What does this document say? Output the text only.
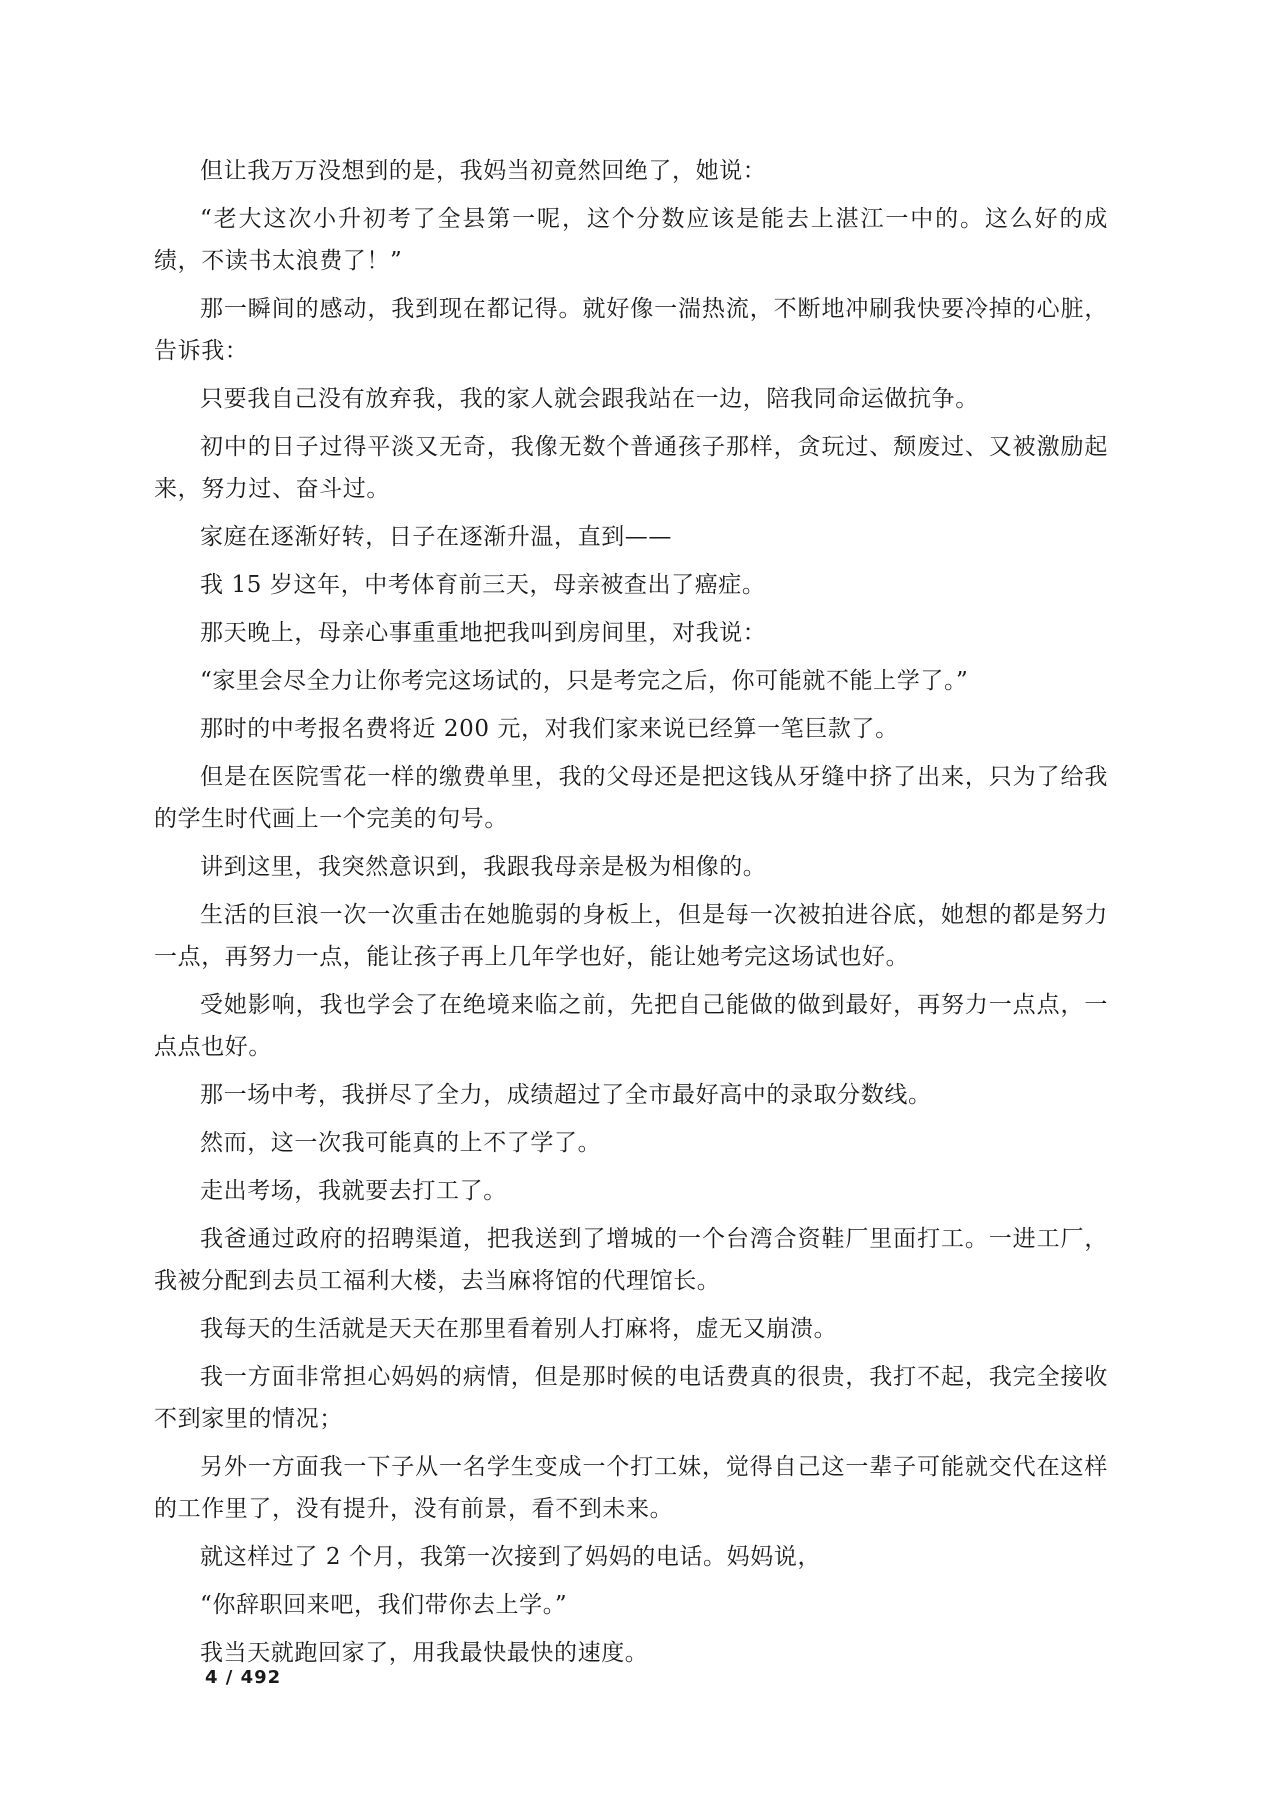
但让我万万没想到的是，我妈当初竟然回绝了，她说：

“老大这次小升初考了全县第一呢，这个分数应该是能去上湛江一中的。这么好的成绩，不读书太浪费了！”

那一瞬间的感动，我到现在都记得。就好像一湍热流，不断地冲刷我快要冷掉的心脏，告诉我：

只要我自己没有放弃我，我的家人就会跟我站在一边，陪我同命运做抗争。

初中的日子过得平淡又无奇，我像无数个普通孩子那样，贪玩过、颓废过、又被激励起来，努力过、奋斗过。

家庭在逐渐好转，日子在逐渐升温，直到——

我 15 岁这年，中考体育前三天，母亲被查出了癌症。

那天晚上，母亲心事重重地把我叫到房间里，对我说：

“家里会尽全力让你考完这场试的，只是考完之后，你可能就不能上学了。”

那时的中考报名费将近 200 元，对我们家来说已经算一笔巨款了。

但是在医院雪花一样的缴费单里，我的父母还是把这钱从牙缝中挤了出来，只为了给我的学生时代画上一个完美的句号。

讲到这里，我突然意识到，我跟我母亲是极为相像的。

生活的巨浪一次一次重击在她脆弱的身板上，但是每一次被拍进谷底，她想的都是努力一点，再努力一点，能让孩子再上几年学也好，能让她考完这场试也好。

受她影响，我也学会了在绝境来临之前，先把自己能做的做到最好，再努力一点点，一点点也好。

那一场中考，我拼尽了全力，成绩超过了全市最好高中的录取分数线。

然而，这一次我可能真的上不了学了。

走出考场，我就要去打工了。

我爸通过政府的招聘渠道，把我送到了增城的一个台湾合资鞋厂里面打工。一进工厂，我被分配到去员工福利大楼，去当麻将馆的代理馆长。

我每天的生活就是天天在那里看着别人打麻将，虚无又崩溃。

我一方面非常担心妈妈的病情，但是那时候的电话费真的很贵，我打不起，我完全接收不到家里的情况；

另外一方面我一下子从一名学生变成一个打工妹，觉得自己这一辈子可能就交代在这样的工作里了，没有提升，没有前景，看不到未来。

就这样过了 2 个月，我第一次接到了妈妈的电话。妈妈说，

“你辞职回来吧，我们带你去上学。”

我当天就跑回家了，用我最快最快的速度。

4 / 492
